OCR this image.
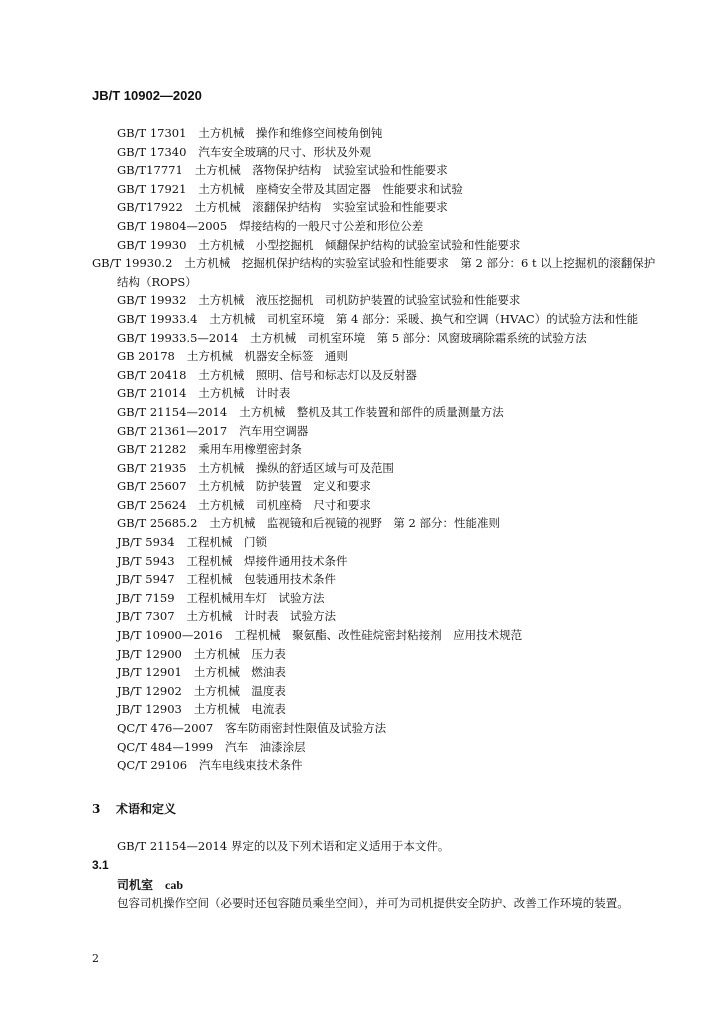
JB/T 10902—2020
GB/T 17301 土方机械　操作和维修空间棱角倒钝
GB/T 17340 汽车安全玻璃的尺寸、形状及外观
GB/T17771 土方机械　落物保护结构　试验室试验和性能要求
GB/T 17921 土方机械　座椅安全带及其固定器　性能要求和试验
GB/T17922 土方机械　滚翻保护结构　实验室试验和性能要求
GB/T 19804—2005 焊接结构的一般尺寸公差和形位公差
GB/T 19930 土方机械　小型挖掘机　倾翻保护结构的试验室试验和性能要求
GB/T 19930.2 土方机械　挖掘机保护结构的实验室试验和性能要求　第 2 部分：6 t 以上挖掘机的滚翻保护结构（ROPS）
GB/T 19932 土方机械　液压挖掘机　司机防护装置的试验室试验和性能要求
GB/T 19933.4 土方机械　司机室环境　第 4 部分：采暖、换气和空调（HVAC）的试验方法和性能
GB/T 19933.5—2014 土方机械　司机室环境　第 5 部分：风窗玻璃除霜系统的试验方法
GB 20178 土方机械　机器安全标签　通则
GB/T 20418 土方机械　照明、信号和标志灯以及反射器
GB/T 21014 土方机械　计时表
GB/T 21154—2014 土方机械　整机及其工作装置和部件的质量测量方法
GB/T 21361—2017 汽车用空调器
GB/T 21282 乘用车用橡塑密封条
GB/T 21935 土方机械　操纵的舒适区域与可及范围
GB/T 25607 土方机械　防护装置　定义和要求
GB/T 25624 土方机械　司机座椅　尺寸和要求
GB/T 25685.2 土方机械　监视镜和后视镜的视野　第 2 部分：性能准则
JB/T 5934 工程机械　门锁
JB/T 5943 工程机械　焊接件通用技术条件
JB/T 5947 工程机械　包装通用技术条件
JB/T 7159 工程机械用车灯　试验方法
JB/T 7307 土方机械　计时表　试验方法
JB/T 10900—2016 工程机械　聚氨酯、改性硅烷密封粘接剂　应用技术规范
JB/T 12900 土方机械　压力表
JB/T 12901 土方机械　燃油表
JB/T 12902 土方机械　温度表
JB/T 12903 土方机械　电流表
QC/T 476—2007 客车防雨密封性限值及试验方法
QC/T 484—1999 汽车　油漆涂层
QC/T 29106 汽车电线束技术条件
3 术语和定义
GB/T 21154—2014 界定的以及下列术语和定义适用于本文件。
3.1
司机室 cab
包容司机操作空间（必要时还包容随员乘坐空间），并可为司机提供安全防护、改善工作环境的装置。
2
